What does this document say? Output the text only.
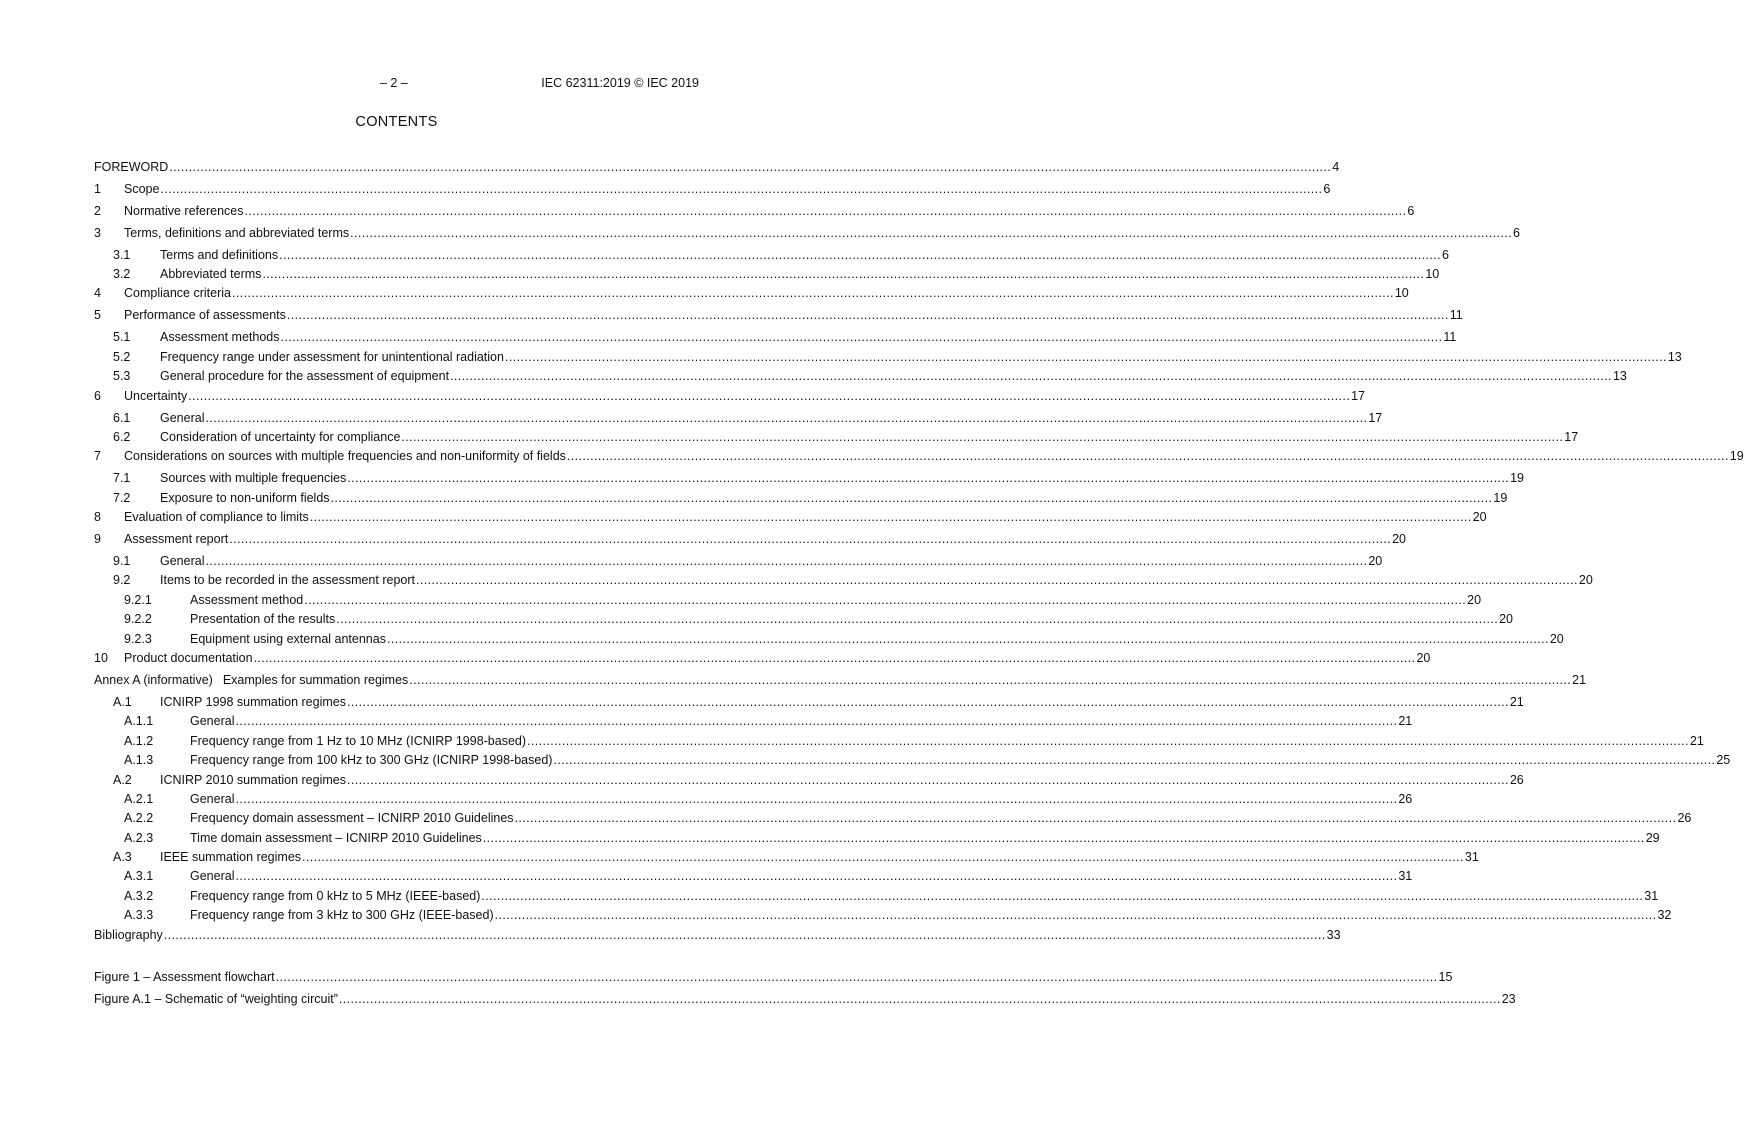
– 2 –	IEC 62311:2019 © IEC 2019
CONTENTS
FOREWORD ............................................................................................................................................................................................................................................................................................................ 4
1	Scope ............................................................................................................................................................................................................................................................................................................ 6
2	Normative references ............................................................................................................................................................................................................................................................................................................ 6
3	Terms, definitions and abbreviated terms ............................................................................................................................................................................................................................................................................................................ 6
3.1	Terms and definitions ............................................................................................................................................................................................................................................................................................................ 6
3.2	Abbreviated terms ............................................................................................................................................................................................................................................................................................................ 10
4	Compliance criteria ............................................................................................................................................................................................................................................................................................................ 10
5	Performance of assessments ............................................................................................................................................................................................................................................................................................................ 11
5.1	Assessment methods ............................................................................................................................................................................................................................................................................................................ 11
5.2	Frequency range under assessment for unintentional radiation ............................................................................................................................................................................................................................................................................................................ 13
5.3	General procedure for the assessment of equipment ............................................................................................................................................................................................................................................................................................................ 13
6	Uncertainty ............................................................................................................................................................................................................................................................................................................ 17
6.1	General ............................................................................................................................................................................................................................................................................................................ 17
6.2	Consideration of uncertainty for compliance ............................................................................................................................................................................................................................................................................................................ 17
7	Considerations on sources with multiple frequencies and non-uniformity of fields ............................................................................................................................................................................................................................................................................................................ 19
7.1	Sources with multiple frequencies ............................................................................................................................................................................................................................................................................................................ 19
7.2	Exposure to non-uniform fields ............................................................................................................................................................................................................................................................................................................ 19
8	Evaluation of compliance to limits ............................................................................................................................................................................................................................................................................................................ 20
9	Assessment report ............................................................................................................................................................................................................................................................................................................ 20
9.1	General ............................................................................................................................................................................................................................................................................................................ 20
9.2	Items to be recorded in the assessment report ............................................................................................................................................................................................................................................................................................................ 20
9.2.1	Assessment method ............................................................................................................................................................................................................................................................................................................ 20
9.2.2	Presentation of the results ............................................................................................................................................................................................................................................................................................................ 20
9.2.3	Equipment using external antennas ............................................................................................................................................................................................................................................................................................................ 20
10	Product documentation ............................................................................................................................................................................................................................................................................................................ 20
Annex A (informative) Examples for summation regimes ............................................................................................................................................................................................................................................................................................................ 21
A.1	ICNIRP 1998 summation regimes ............................................................................................................................................................................................................................................................................................................ 21
A.1.1	General ............................................................................................................................................................................................................................................................................................................ 21
A.1.2	Frequency range from 1 Hz to 10 MHz (ICNIRP 1998-based) ............................................................................................................................................................................................................................................................................................................ 21
A.1.3	Frequency range from 100 kHz to 300 GHz (ICNIRP 1998-based) ............................................................................................................................................................................................................................................................................................................ 25
A.2	ICNIRP 2010 summation regimes ............................................................................................................................................................................................................................................................................................................ 26
A.2.1	General ............................................................................................................................................................................................................................................................................................................ 26
A.2.2	Frequency domain assessment – ICNIRP 2010 Guidelines ............................................................................................................................................................................................................................................................................................................ 26
A.2.3	Time domain assessment – ICNIRP 2010 Guidelines ............................................................................................................................................................................................................................................................................................................ 29
A.3	IEEE summation regimes ............................................................................................................................................................................................................................................................................................................ 31
A.3.1	General ............................................................................................................................................................................................................................................................................................................ 31
A.3.2	Frequency range from 0 kHz to 5 MHz (IEEE-based) ............................................................................................................................................................................................................................................................................................................ 31
A.3.3	Frequency range from 3 kHz to 300 GHz (IEEE-based) ............................................................................................................................................................................................................................................................................................................ 32
Bibliography ............................................................................................................................................................................................................................................................................................................ 33
Figure 1 – Assessment flowchart ............................................................................................................................................................................................................................................................................................................ 15
Figure A.1 – Schematic of “weighting circuit” ............................................................................................................................................................................................................................................................................................................ 23
